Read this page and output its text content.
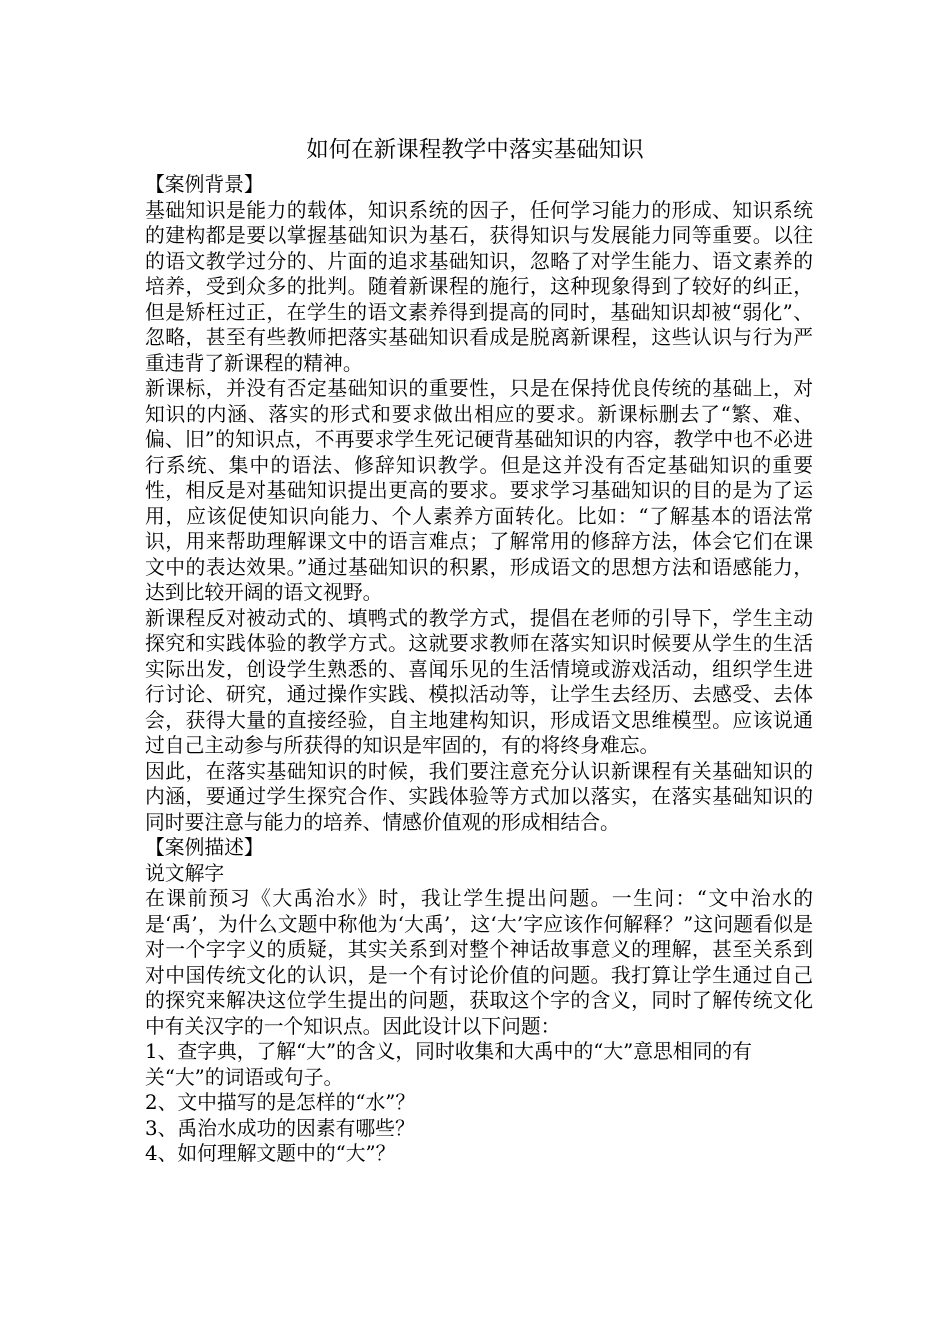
如何在新课程教学中落实基础知识

【案例背景】

基础知识是能力的载体，知识系统的因子，任何学习能力的形成、知识系统的建构都是要以掌握基础知识为基石，获得知识与发展能力同等重要。以往的语文教学过分的、片面的追求基础知识，忽略了对学生能力、语文素养的培养，受到众多的批判。随着新课程的施行，这种现象得到了较好的纠正，但是矫枉过正，在学生的语文素养得到提高的同时，基础知识却被“弱化”、忽略，甚至有些教师把落实基础知识看成是脱离新课程，这些认识与行为严重违背了新课程的精神。

新课标，并没有否定基础知识的重要性，只是在保持优良传统的基础上，对知识的内涵、落实的形式和要求做出相应的要求。新课标删去了“繁、难、偏、旧”的知识点，不再要求学生死记硬背基础知识的内容，教学中也不必进行系统、集中的语法、修辞知识教学。但是这并没有否定基础知识的重要性，相反是对基础知识提出更高的要求。要求学习基础知识的目的是为了运用，应该促使知识向能力、个人素养方面转化。比如：“了解基本的语法常识，用来帮助理解课文中的语言难点；了解常用的修辞方法，体会它们在课文中的表达效果。”通过基础知识的积累，形成语文的思想方法和语感能力，达到比较开阔的语文视野。

新课程反对被动式的、填鸭式的教学方式，提倡在老师的引导下，学生主动探究和实践体验的教学方式。这就要求教师在落实知识时候要从学生的生活实际出发，创设学生熟悉的、喜闻乐见的生活情境或游戏活动，组织学生进行讨论、研究，通过操作实践、模拟活动等，让学生去经历、去感受、去体会，获得大量的直接经验，自主地建构知识，形成语文思维模型。应该说通过自己主动参与所获得的知识是牢固的，有的将终身难忘。

因此，在落实基础知识的时候，我们要注意充分认识新课程有关基础知识的内涵，要通过学生探究合作、实践体验等方式加以落实，在落实基础知识的同时要注意与能力的培养、情感价值观的形成相结合。

【案例描述】

说文解字

在课前预习《大禹治水》时，我让学生提出问题。一生问：“文中治水的是‘禹’，为什么文题中称他为‘大禹’，这‘大’字应该作何解释？”这问题看似是对一个字字义的质疑，其实关系到对整个神话故事意义的理解，甚至关系到对中国传统文化的认识，是一个有讨论价值的问题。我打算让学生通过自己的探究来解决这位学生提出的问题，获取这个字的含义，同时了解传统文化中有关汉字的一个知识点。因此设计以下问题：

1、查字典，了解“大”的含义，同时收集和大禹中的“大”意思相同的有关“大”的词语或句子。

2、文中描写的是怎样的“水”？

3、禹治水成功的因素有哪些？

4、如何理解文题中的“大”？
